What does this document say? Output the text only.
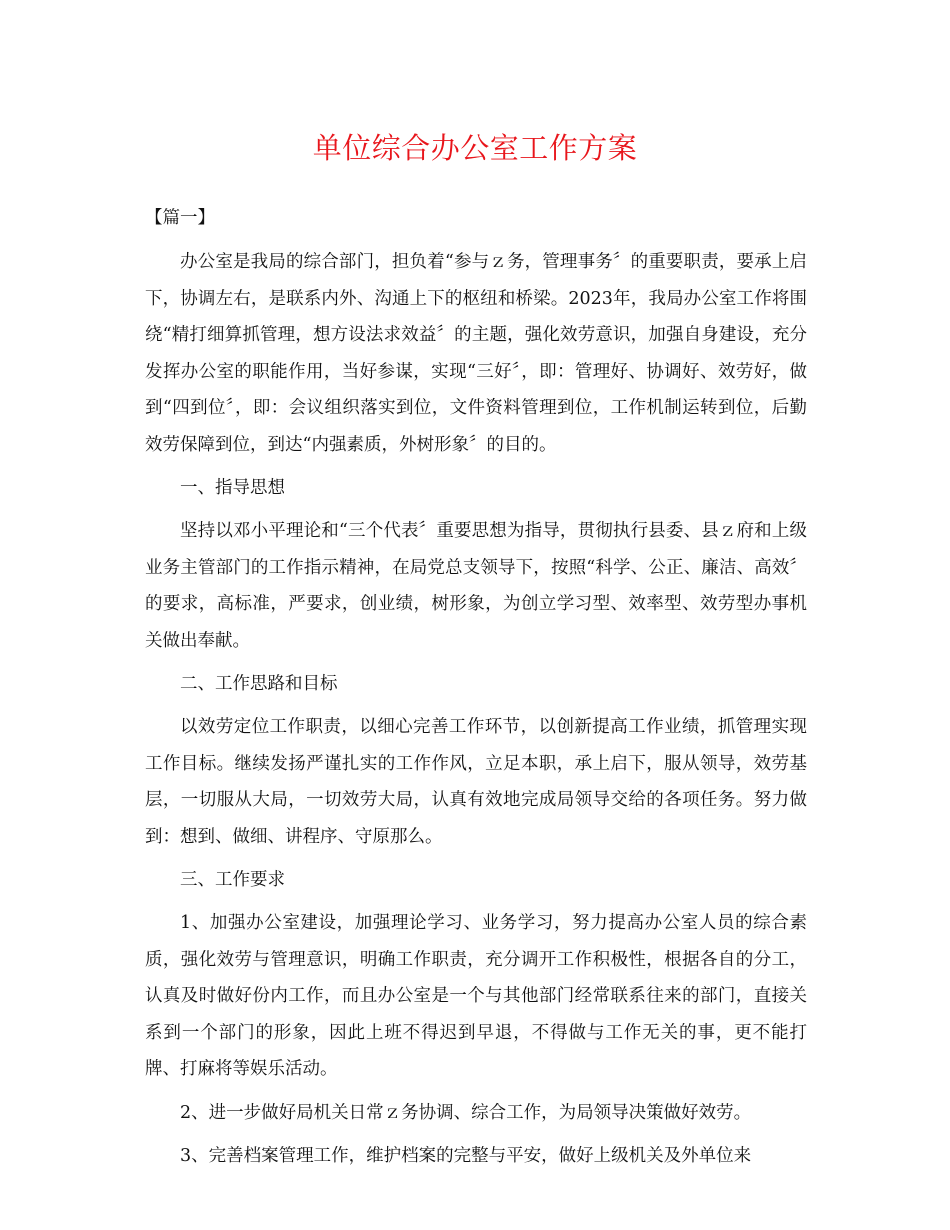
单位综合办公室工作方案

【篇一】

办公室是我局的综合部门，担负着“参与ｚ务，管理事务〞的重要职责，要承上启下，协调左右，是联系内外、沟通上下的枢纽和桥梁。2023年，我局办公室工作将围绕“精打细算抓管理，想方设法求效益〞的主题，强化效劳意识，加强自身建设，充分发挥办公室的职能作用，当好参谋，实现“三好〞，即：管理好、协调好、效劳好，做到“四到位〞，即：会议组织落实到位，文件资料管理到位，工作机制运转到位，后勤效劳保障到位，到达“内强素质，外树形象〞的目的。

一、指导思想

坚持以邓小平理论和“三个代表〞重要思想为指导，贯彻执行县委、县ｚ府和上级业务主管部门的工作指示精神，在局党总支领导下，按照“科学、公正、廉洁、高效〞的要求，高标准，严要求，创业绩，树形象，为创立学习型、效率型、效劳型办事机关做出奉献。

二、工作思路和目标

以效劳定位工作职责，以细心完善工作环节，以创新提高工作业绩，抓管理实现工作目标。继续发扬严谨扎实的工作作风，立足本职，承上启下，服从领导，效劳基层，一切服从大局，一切效劳大局，认真有效地完成局领导交给的各项任务。努力做到：想到、做细、讲程序、守原那么。

三、工作要求

1、加强办公室建设，加强理论学习、业务学习，努力提高办公室人员的综合素质，强化效劳与管理意识，明确工作职责，充分调开工作积极性，根据各自的分工，认真及时做好份内工作，而且办公室是一个与其他部门经常联系往来的部门，直接关系到一个部门的形象，因此上班不得迟到早退，不得做与工作无关的事，更不能打牌、打麻将等娱乐活动。

2、进一步做好局机关日常ｚ务协调、综合工作，为局领导决策做好效劳。

3、完善档案管理工作，维护档案的完整与平安，做好上级机关及外单位来
